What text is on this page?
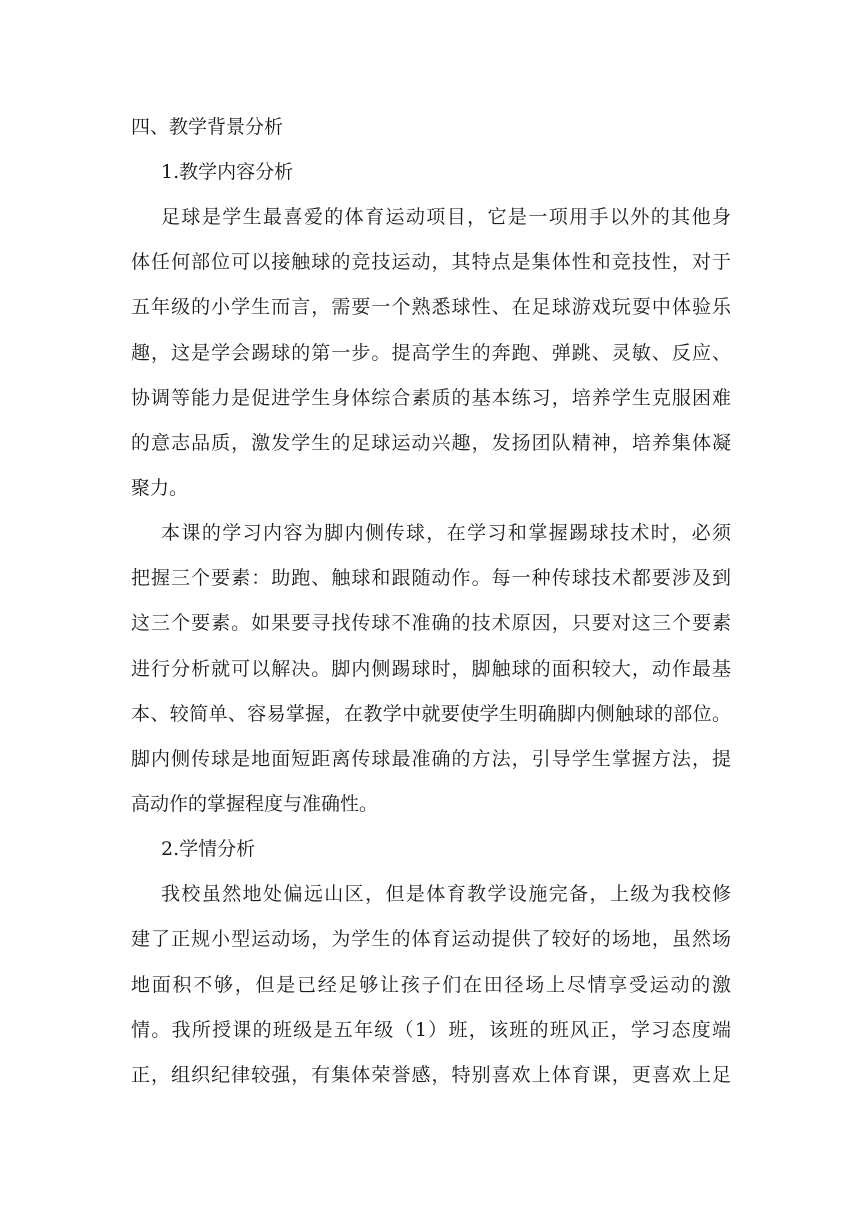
四、教学背景分析
1.教学内容分析
足球是学生最喜爱的体育运动项目，它是一项用手以外的其他身
体任何部位可以接触球的竞技运动，其特点是集体性和竞技性，对于
五年级的小学生而言，需要一个熟悉球性、在足球游戏玩耍中体验乐
趣，这是学会踢球的第一步。提高学生的奔跑、弹跳、灵敏、反应、
协调等能力是促进学生身体综合素质的基本练习，培养学生克服困难
的意志品质，激发学生的足球运动兴趣，发扬团队精神，培养集体凝
聚力。
本课的学习内容为脚内侧传球，在学习和掌握踢球技术时，必须
把握三个要素：助跑、触球和跟随动作。每一种传球技术都要涉及到
这三个要素。如果要寻找传球不准确的技术原因，只要对这三个要素
进行分析就可以解决。脚内侧踢球时，脚触球的面积较大，动作最基
本、较简单、容易掌握，在教学中就要使学生明确脚内侧触球的部位。
脚内侧传球是地面短距离传球最准确的方法，引导学生掌握方法，提
高动作的掌握程度与准确性。
2.学情分析
我校虽然地处偏远山区，但是体育教学设施完备，上级为我校修
建了正规小型运动场，为学生的体育运动提供了较好的场地，虽然场
地面积不够，但是已经足够让孩子们在田径场上尽情享受运动的激
情。我所授课的班级是五年级（1）班，该班的班风正，学习态度端
正，组织纪律较强，有集体荣誉感，特别喜欢上体育课，更喜欢上足
